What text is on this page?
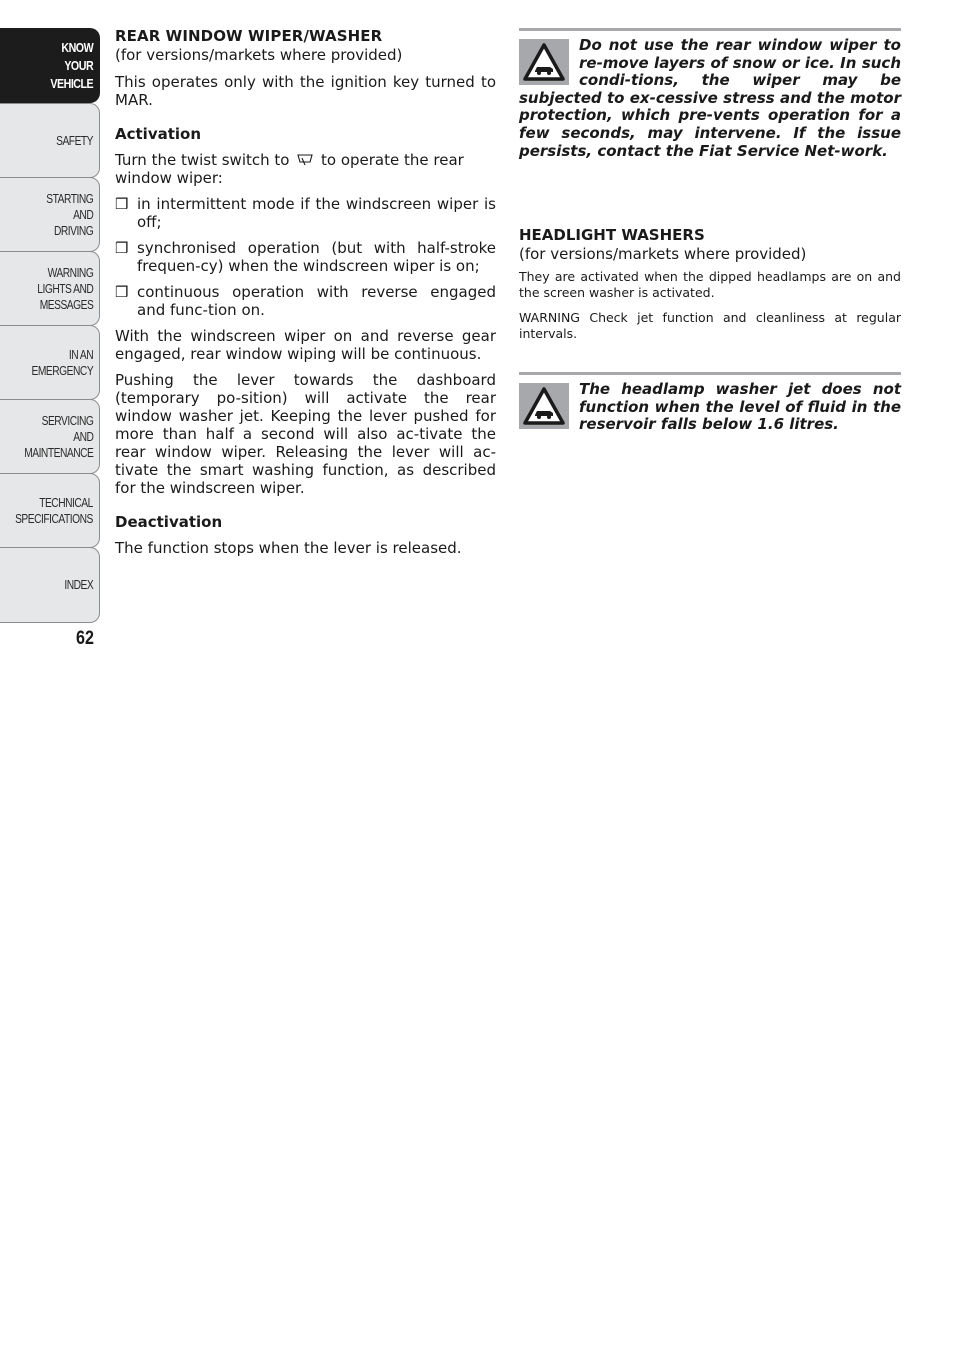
KNOW
YOUR
VEHICLE
SAFETY
STARTING
AND
DRIVING
WARNING
LIGHTS AND
MESSAGES
IN AN
EMERGENCY
SERVICING
AND
MAINTENANCE
TECHNICAL
SPECIFICATIONS
INDEX
62
REAR WINDOW WIPER/WASHER

(for versions/markets where provided)

This operates only with the ignition key turned to MAR.

Activation

Turn the twist switch to to operate the rear window wiper:

❒ in intermittent mode if the windscreen wiper is off;
❒ synchronised operation (but with half-stroke frequen-cy) when the windscreen wiper is on;
❒ continuous operation with reverse engaged and func-tion on.

With the windscreen wiper on and reverse gear engaged, rear window wiping will be continuous.

Pushing the lever towards the dashboard (temporary po-sition) will activate the rear window washer jet. Keeping the lever pushed for more than half a second will also ac-tivate the rear window wiper. Releasing the lever will ac-tivate the smart washing function, as described for the windscreen wiper.

Deactivation

The function stops when the lever is released.

Do not use the rear window wiper to re-move layers of snow or ice. In such condi-tions, the wiper may be subjected to ex-cessive stress and the motor protection, which pre-vents operation for a few seconds, may intervene. If the issue persists, contact the Fiat Service Net-work.

HEADLIGHT WASHERS

(for versions/markets where provided)

They are activated when the dipped headlamps are on and the screen washer is activated.

WARNING Check jet function and cleanliness at regular intervals.

The headlamp washer jet does not function when the level of fluid in the reservoir falls below 1.6 litres.
